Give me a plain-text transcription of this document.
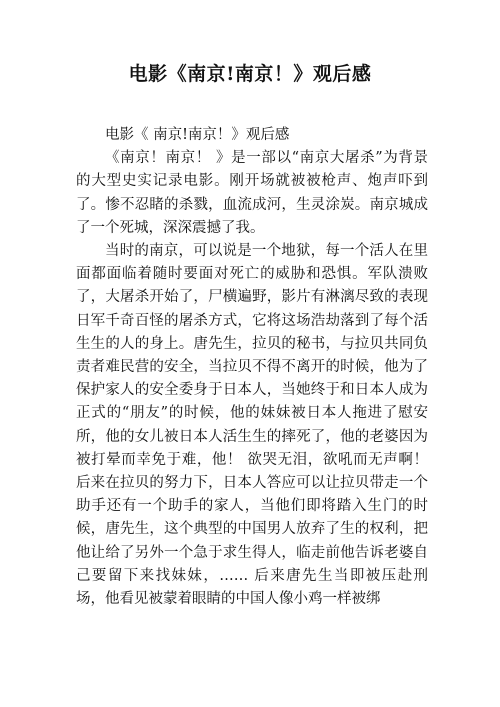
电影《南京!南京！》观后感

电影《 南京!南京！》观后感

《南京！南京！ 》是一部以“南京大屠杀”为背景的大型史实记录电影。刚开场就被被枪声、炮声吓到了。惨不忍睹的杀戮，血流成河，生灵涂炭。南京城成了一个死城，深深震撼了我。

当时的南京，可以说是一个地狱，每一个活人在里面都面临着随时要面对死亡的威胁和恐惧。军队溃败了，大屠杀开始了，尸横遍野，影片有淋漓尽致的表现日军千奇百怪的屠杀方式，它将这场浩劫落到了每个活生生的人的身上。唐先生，拉贝的秘书，与拉贝共同负责者难民营的安全，当拉贝不得不离开的时候，他为了保护家人的安全委身于日本人，当她终于和日本人成为正式的“朋友”的时候，他的妹妹被日本人拖进了慰安所，他的女儿被日本人活生生的摔死了，他的老婆因为被打晕而幸免于难，他！ 欲哭无泪，欲吼而无声啊！后来在拉贝的努力下，日本人答应可以让拉贝带走一个助手还有一个助手的家人，当他们即将踏入生门的时候，唐先生，这个典型的中国男人放弃了生的权利，把他让给了另外一个急于求生得人，临走前他告诉老婆自己要留下来找妹妹，…… 后来唐先生当即被压赴刑场，他看见被蒙着眼睛的中国人像小鸡一样被绑
